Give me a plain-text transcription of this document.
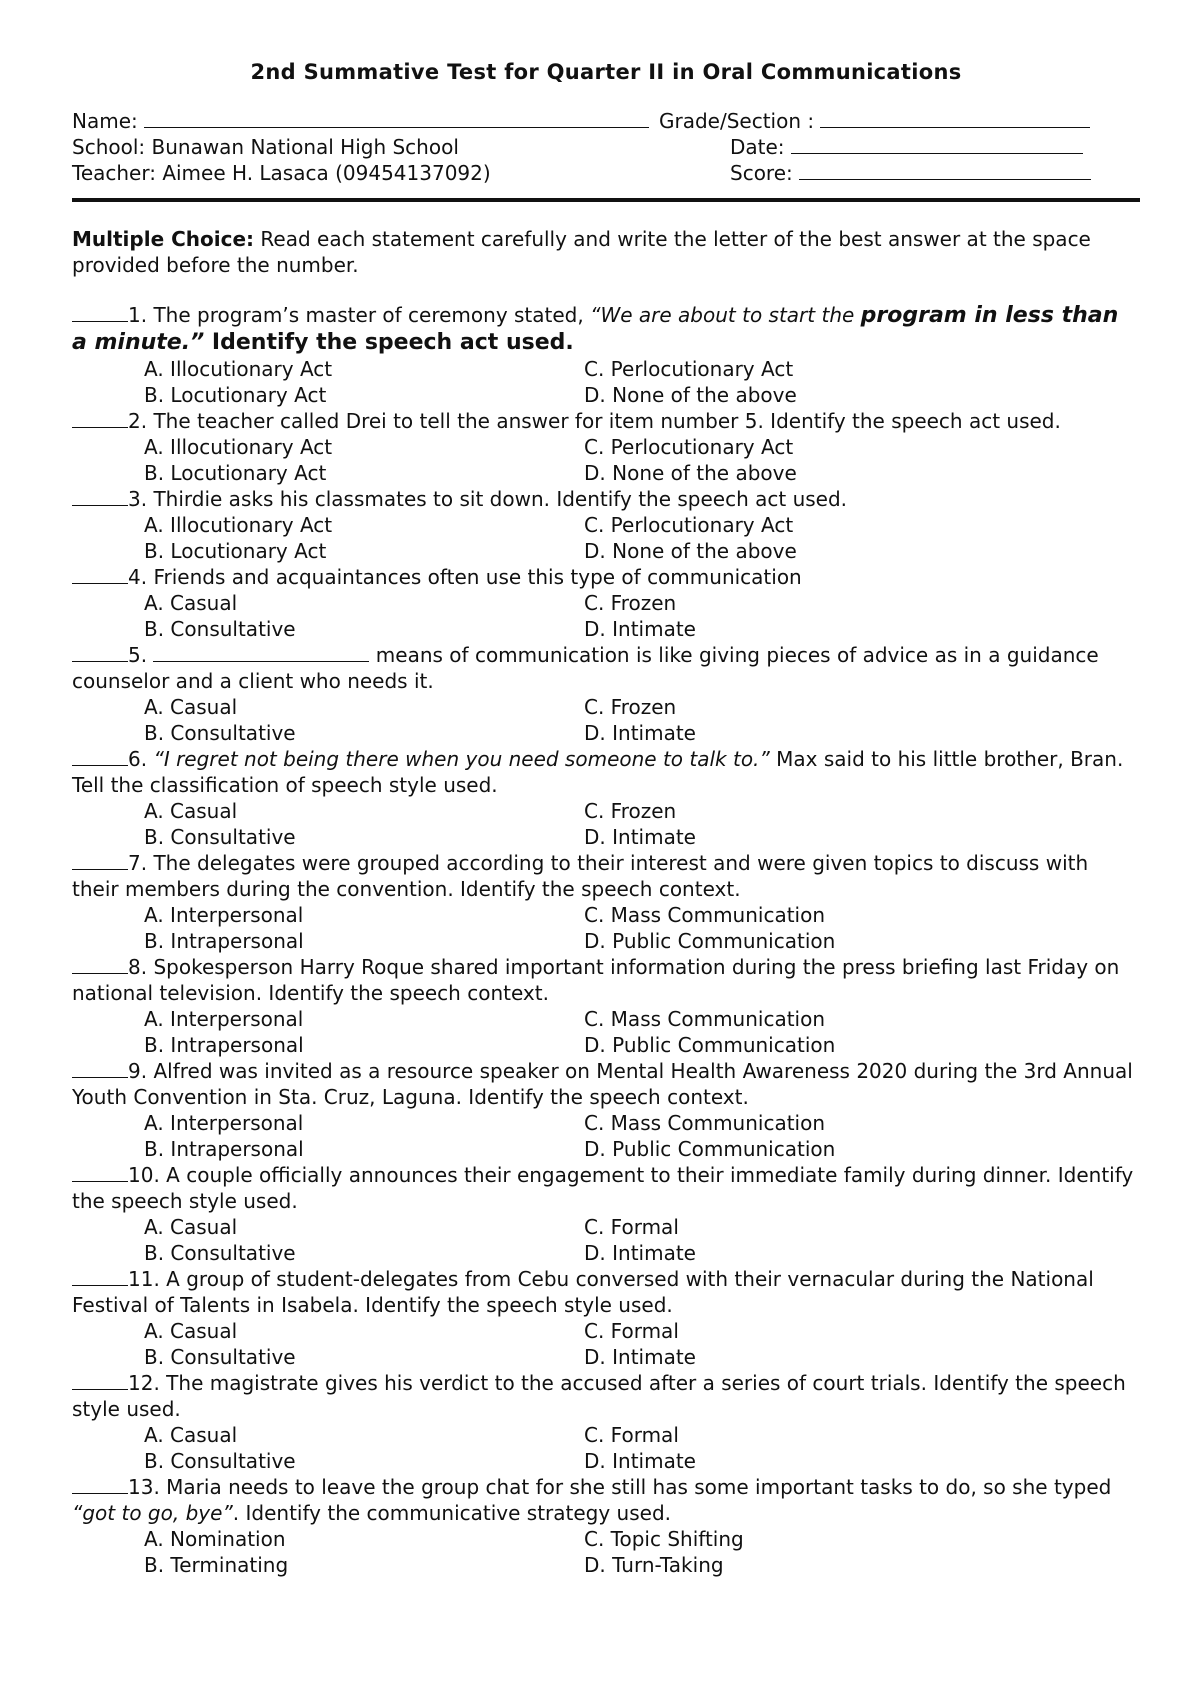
2nd Summative Test for Quarter II in Oral Communications
Name:	Grade/Section :
School: Bunawan National High School	Date:
Teacher: Aimee H. Lasaca (09454137092)	Score:
Multiple Choice: Read each statement carefully and write the letter of the best answer at the space provided before the number.
1. The program’s master of ceremony stated, “We are about to start the program in less than a minute.” Identify the speech act used.
A. Illocutionary Act
B. Locutionary Act
C. Perlocutionary Act
D. None of the above
2. The teacher called Drei to tell the answer for item number 5. Identify the speech act used.
A. Illocutionary Act
B. Locutionary Act
C. Perlocutionary Act
D. None of the above
3. Thirdie asks his classmates to sit down. Identify the speech act used.
A. Illocutionary Act
B. Locutionary Act
C. Perlocutionary Act
D. None of the above
4. Friends and acquaintances often use this type of communication
A. Casual
B. Consultative
C. Frozen
D. Intimate
5.	means of communication is like giving pieces of advice as in a guidance counselor and a client who needs it.
A. Casual
B. Consultative
C. Frozen
D. Intimate
6. “I regret not being there when you need someone to talk to.” Max said to his little brother, Bran. Tell the classification of speech style used.
A. Casual
B. Consultative
C. Frozen
D. Intimate
7. The delegates were grouped according to their interest and were given topics to discuss with their members during the convention. Identify the speech context.
A. Interpersonal
B. Intrapersonal
C. Mass Communication
D. Public Communication
8. Spokesperson Harry Roque shared important information during the press briefing last Friday on national television. Identify the speech context.
A. Interpersonal
B. Intrapersonal
C. Mass Communication
D. Public Communication
9. Alfred was invited as a resource speaker on Mental Health Awareness 2020 during the 3rd Annual Youth Convention in Sta. Cruz, Laguna. Identify the speech context.
A. Interpersonal
B. Intrapersonal
C. Mass Communication
D. Public Communication
10. A couple officially announces their engagement to their immediate family during dinner. Identify the speech style used.
A. Casual
B. Consultative
C. Formal
D. Intimate
11. A group of student-delegates from Cebu conversed with their vernacular during the National Festival of Talents in Isabela. Identify the speech style used.
A. Casual
B. Consultative
C. Formal
D. Intimate
12. The magistrate gives his verdict to the accused after a series of court trials. Identify the speech style used.
A. Casual
B. Consultative
C. Formal
D. Intimate
13. Maria needs to leave the group chat for she still has some important tasks to do, so she typed “got to go, bye”. Identify the communicative strategy used.
A. Nomination
B. Terminating
C. Topic Shifting
D. Turn-Taking
